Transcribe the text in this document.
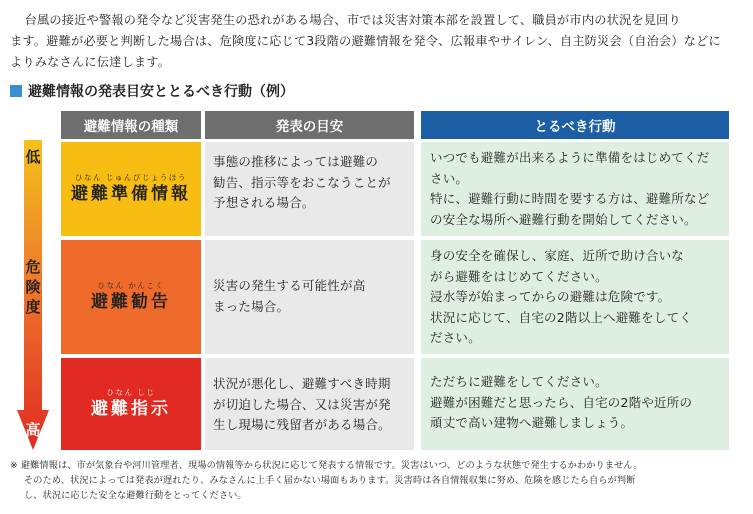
台風の接近や警報の発令など災害発生の恐れがある場合、市では災害対策本部を設置して、職員が市内の状況を見回り

ます。避難が必要と判断した場合は、危険度に応じて3段階の避難情報を発令、広報車やサイレン、自主防災会（自治会）などに
よりみなさんに伝達します。
避難情報の発表目安ととるべき行動（例）
避難情報の種類	発表の目安	とるべき行動
低
危
険
度
高
ひなん じゅんびじょうほう
避難準備情報
事態の推移によっては避難の
勧告、指示等をおこなうことが
予想される場合。
いつでも避難が出来るように準備をはじめてくだ
さい。
特に、避難行動に時間を要する方は、避難所など
の安全な場所へ避難行動を開始してください。
ひなん かんこく
避難勧告
災害の発生する可能性が高
まった場合。
身の安全を確保し、家庭、近所で助け合いな
がら避難をはじめてください。
浸水等が始まってからの避難は危険です。
状況に応じて、自宅の2階以上へ避難をしてく
ださい。
ひなん しじ
避難指示
状況が悪化し、避難すべき時期
が切迫した場合、又は災害が発
生し現場に残留者がある場合。
ただちに避難をしてください。
避難が困難だと思ったら、自宅の2階や近所の
頑丈で高い建物へ避難しましょう。
※ 避難情報は、市が気象台や河川管理者、現場の情報等から状況に応じて発表する情報です。災害はいつ、どのような状態で発生するかわかりません。
そのため、状況によっては発表が遅れたり、みなさんに上手く届かない場面もあります。災害時は各自情報収集に努め、危険を感じたら自らが判断
し、状況に応じた安全な避難行動をとってください。
